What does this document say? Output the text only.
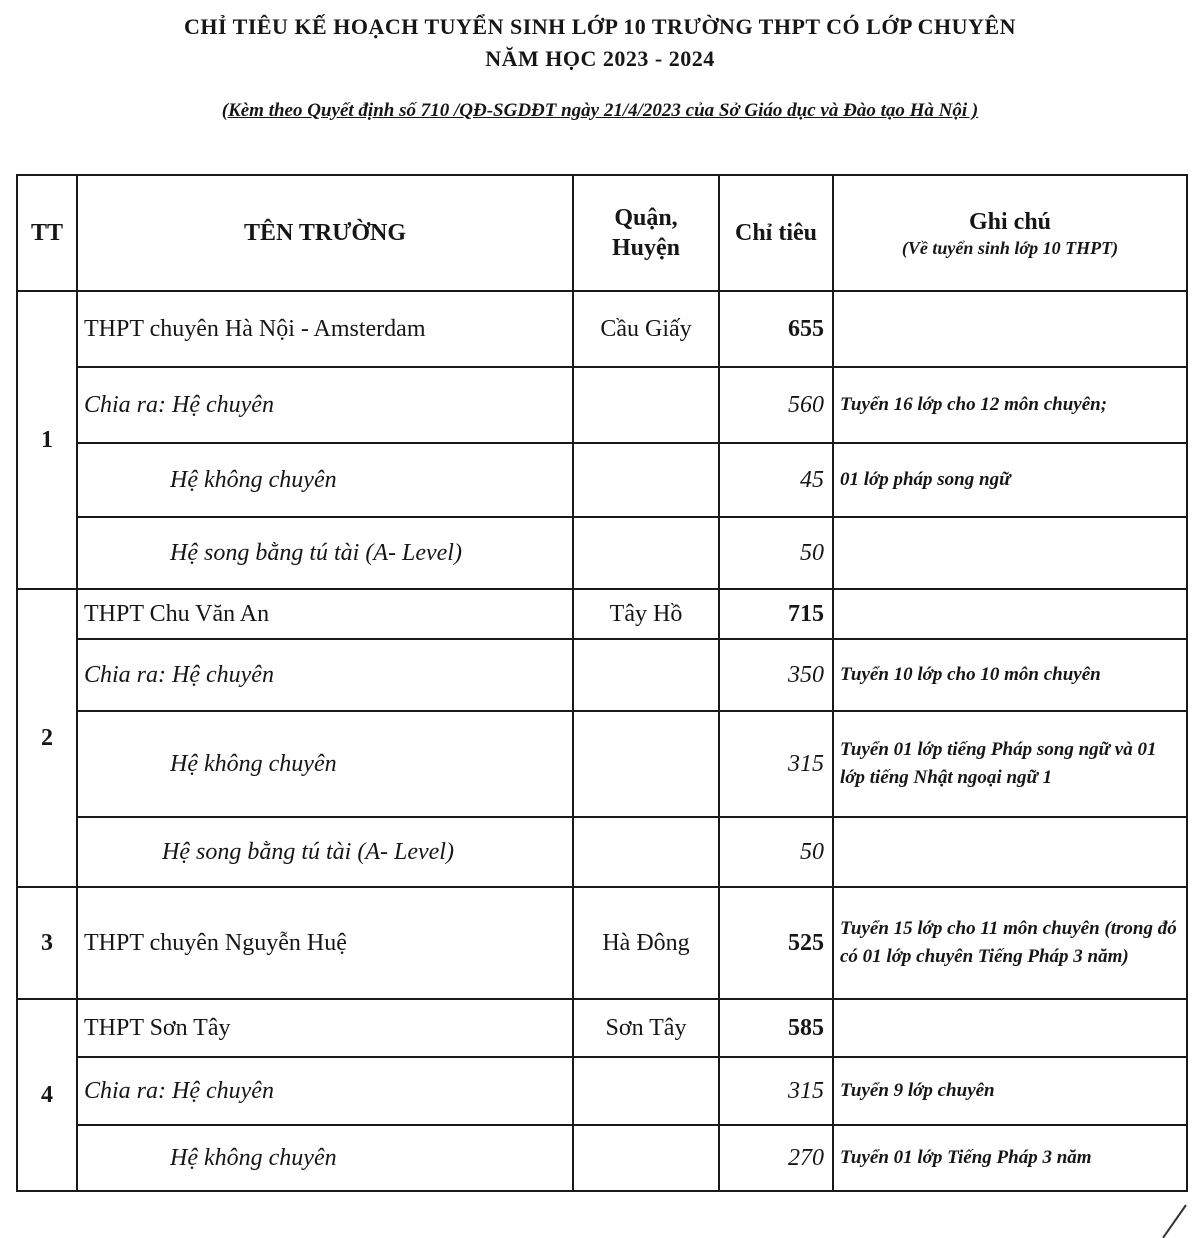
CHỈ TIÊU KẾ HOẠCH TUYỂN SINH LỚP 10 TRƯỜNG THPT CÓ LỚP CHUYÊN
NĂM HỌC 2023 - 2024
(Kèm theo Quyết định số 710 /QĐ-SGDĐT ngày 21/4/2023 của Sở Giáo dục và Đào tạo Hà Nội )
TT	TÊN TRƯỜNG	Quận, Huyện	Chỉ tiêu	Ghi chú
(Về tuyển sinh lớp 10 THPT)

1	THPT chuyên Hà Nội - Amsterdam	Cầu Giấy	655	
	Chia ra: Hệ chuyên		560	Tuyển 16 lớp cho 12 môn chuyên;
	Hệ không chuyên		45	01 lớp pháp song ngữ
	Hệ song bằng tú tài (A- Level)		50	
2	THPT Chu Văn An	Tây Hồ	715	
	Chia ra: Hệ chuyên		350	Tuyển 10 lớp cho 10 môn chuyên
	Hệ không chuyên		315	Tuyển 01 lớp tiếng Pháp song ngữ và 01 lớp tiếng Nhật ngoại ngữ 1
	Hệ song bằng tú tài (A- Level)		50	
3	THPT chuyên Nguyễn Huệ	Hà Đông	525	Tuyển 15 lớp cho 11 môn chuyên (trong đó có 01 lớp chuyên Tiếng Pháp 3 năm)
4	THPT Sơn Tây	Sơn Tây	585	
	Chia ra: Hệ chuyên		315	Tuyển 9 lớp chuyên
	Hệ không chuyên		270	Tuyển 01 lớp Tiếng Pháp 3 năm
